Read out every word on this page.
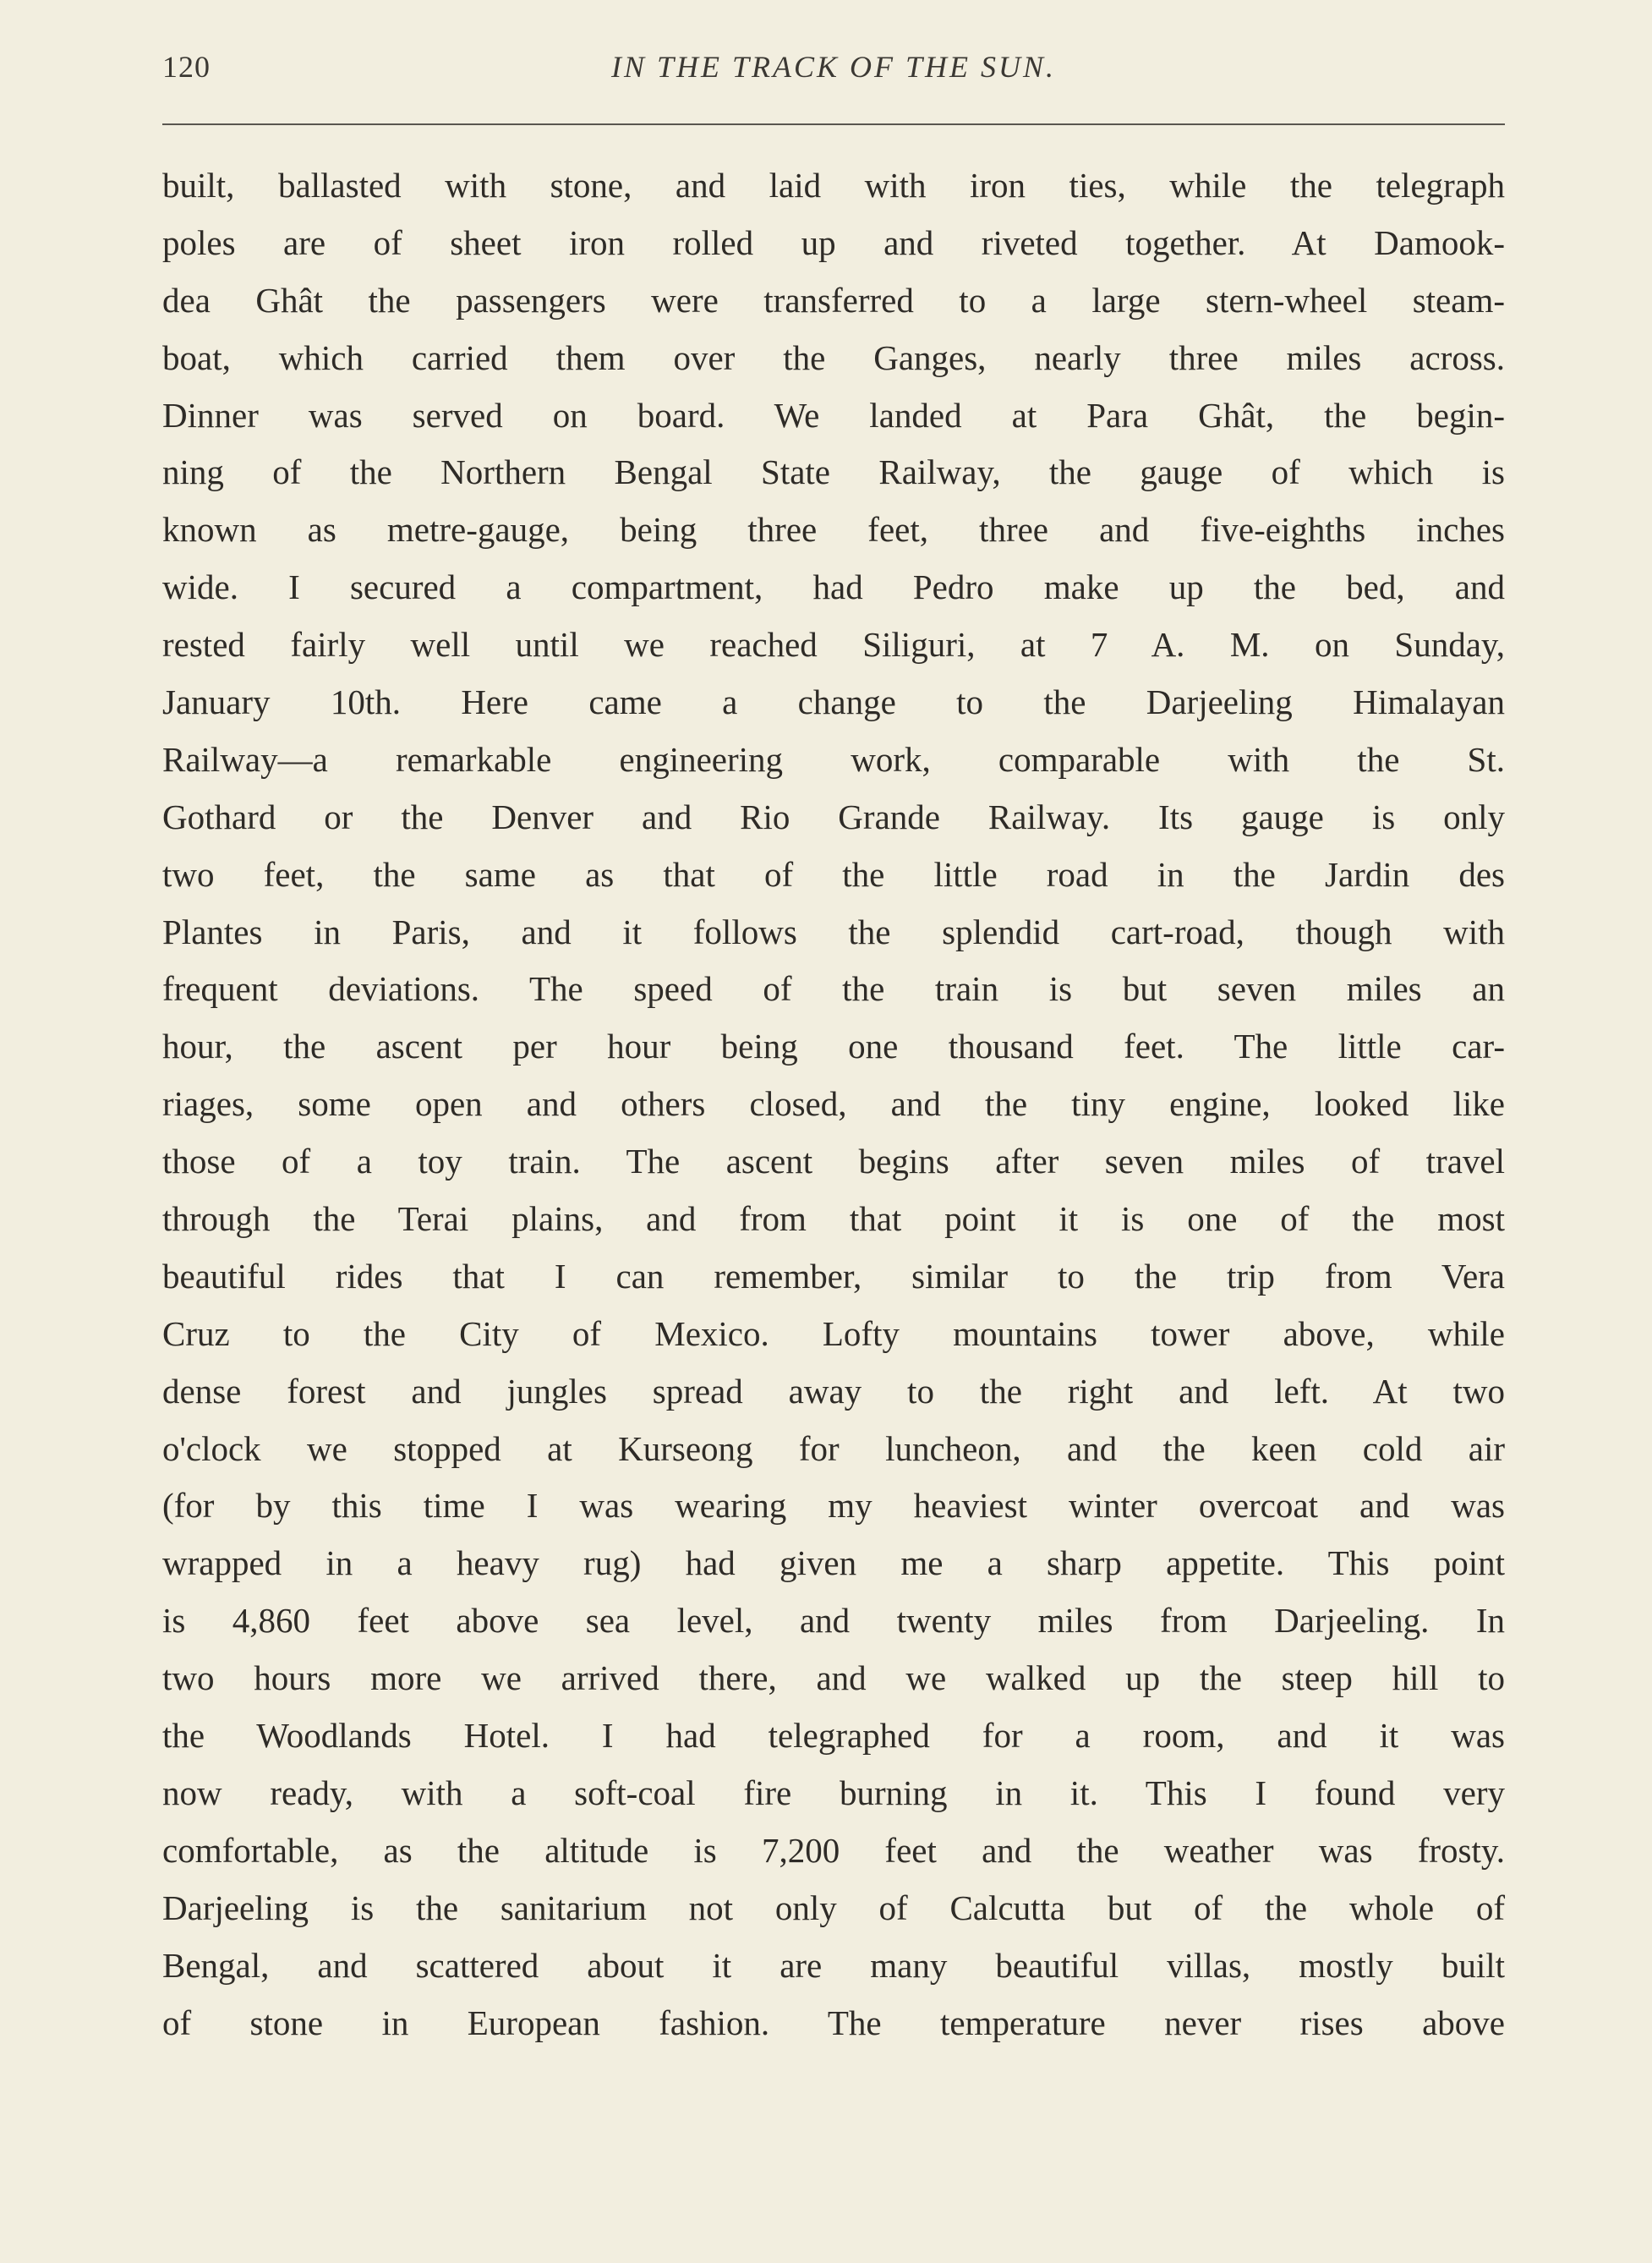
120	IN THE TRACK OF THE SUN.
built, ballasted with stone, and laid with iron ties, while the telegraph
poles are of sheet iron rolled up and riveted together. At Damook-
dea Ghât the passengers were transferred to a large stern-wheel steam-
boat, which carried them over the Ganges, nearly three miles across.
Dinner was served on board. We landed at Para Ghât, the begin-
ning of the Northern Bengal State Railway, the gauge of which is
known as metre-gauge, being three feet, three and five-eighths inches
wide. I secured a compartment, had Pedro make up the bed, and
rested fairly well until we reached Siliguri, at 7 A. M. on Sunday,
January 10th. Here came a change to the Darjeeling Himalayan
Railway—a remarkable engineering work, comparable with the St.
Gothard or the Denver and Rio Grande Railway. Its gauge is only
two feet, the same as that of the little road in the Jardin des
Plantes in Paris, and it follows the splendid cart-road, though with
frequent deviations. The speed of the train is but seven miles an
hour, the ascent per hour being one thousand feet. The little car-
riages, some open and others closed, and the tiny engine, looked like
those of a toy train. The ascent begins after seven miles of travel
through the Terai plains, and from that point it is one of the most
beautiful rides that I can remember, similar to the trip from Vera
Cruz to the City of Mexico. Lofty mountains tower above, while
dense forest and jungles spread away to the right and left. At two
o'clock we stopped at Kurseong for luncheon, and the keen cold air
(for by this time I was wearing my heaviest winter overcoat and was
wrapped in a heavy rug) had given me a sharp appetite. This point
is 4,860 feet above sea level, and twenty miles from Darjeeling. In
two hours more we arrived there, and we walked up the steep hill to
the Woodlands Hotel. I had telegraphed for a room, and it was
now ready, with a soft-coal fire burning in it. This I found very
comfortable, as the altitude is 7,200 feet and the weather was frosty.
Darjeeling is the sanitarium not only of Calcutta but of the whole of
Bengal, and scattered about it are many beautiful villas, mostly built
of stone in European fashion. The temperature never rises above
